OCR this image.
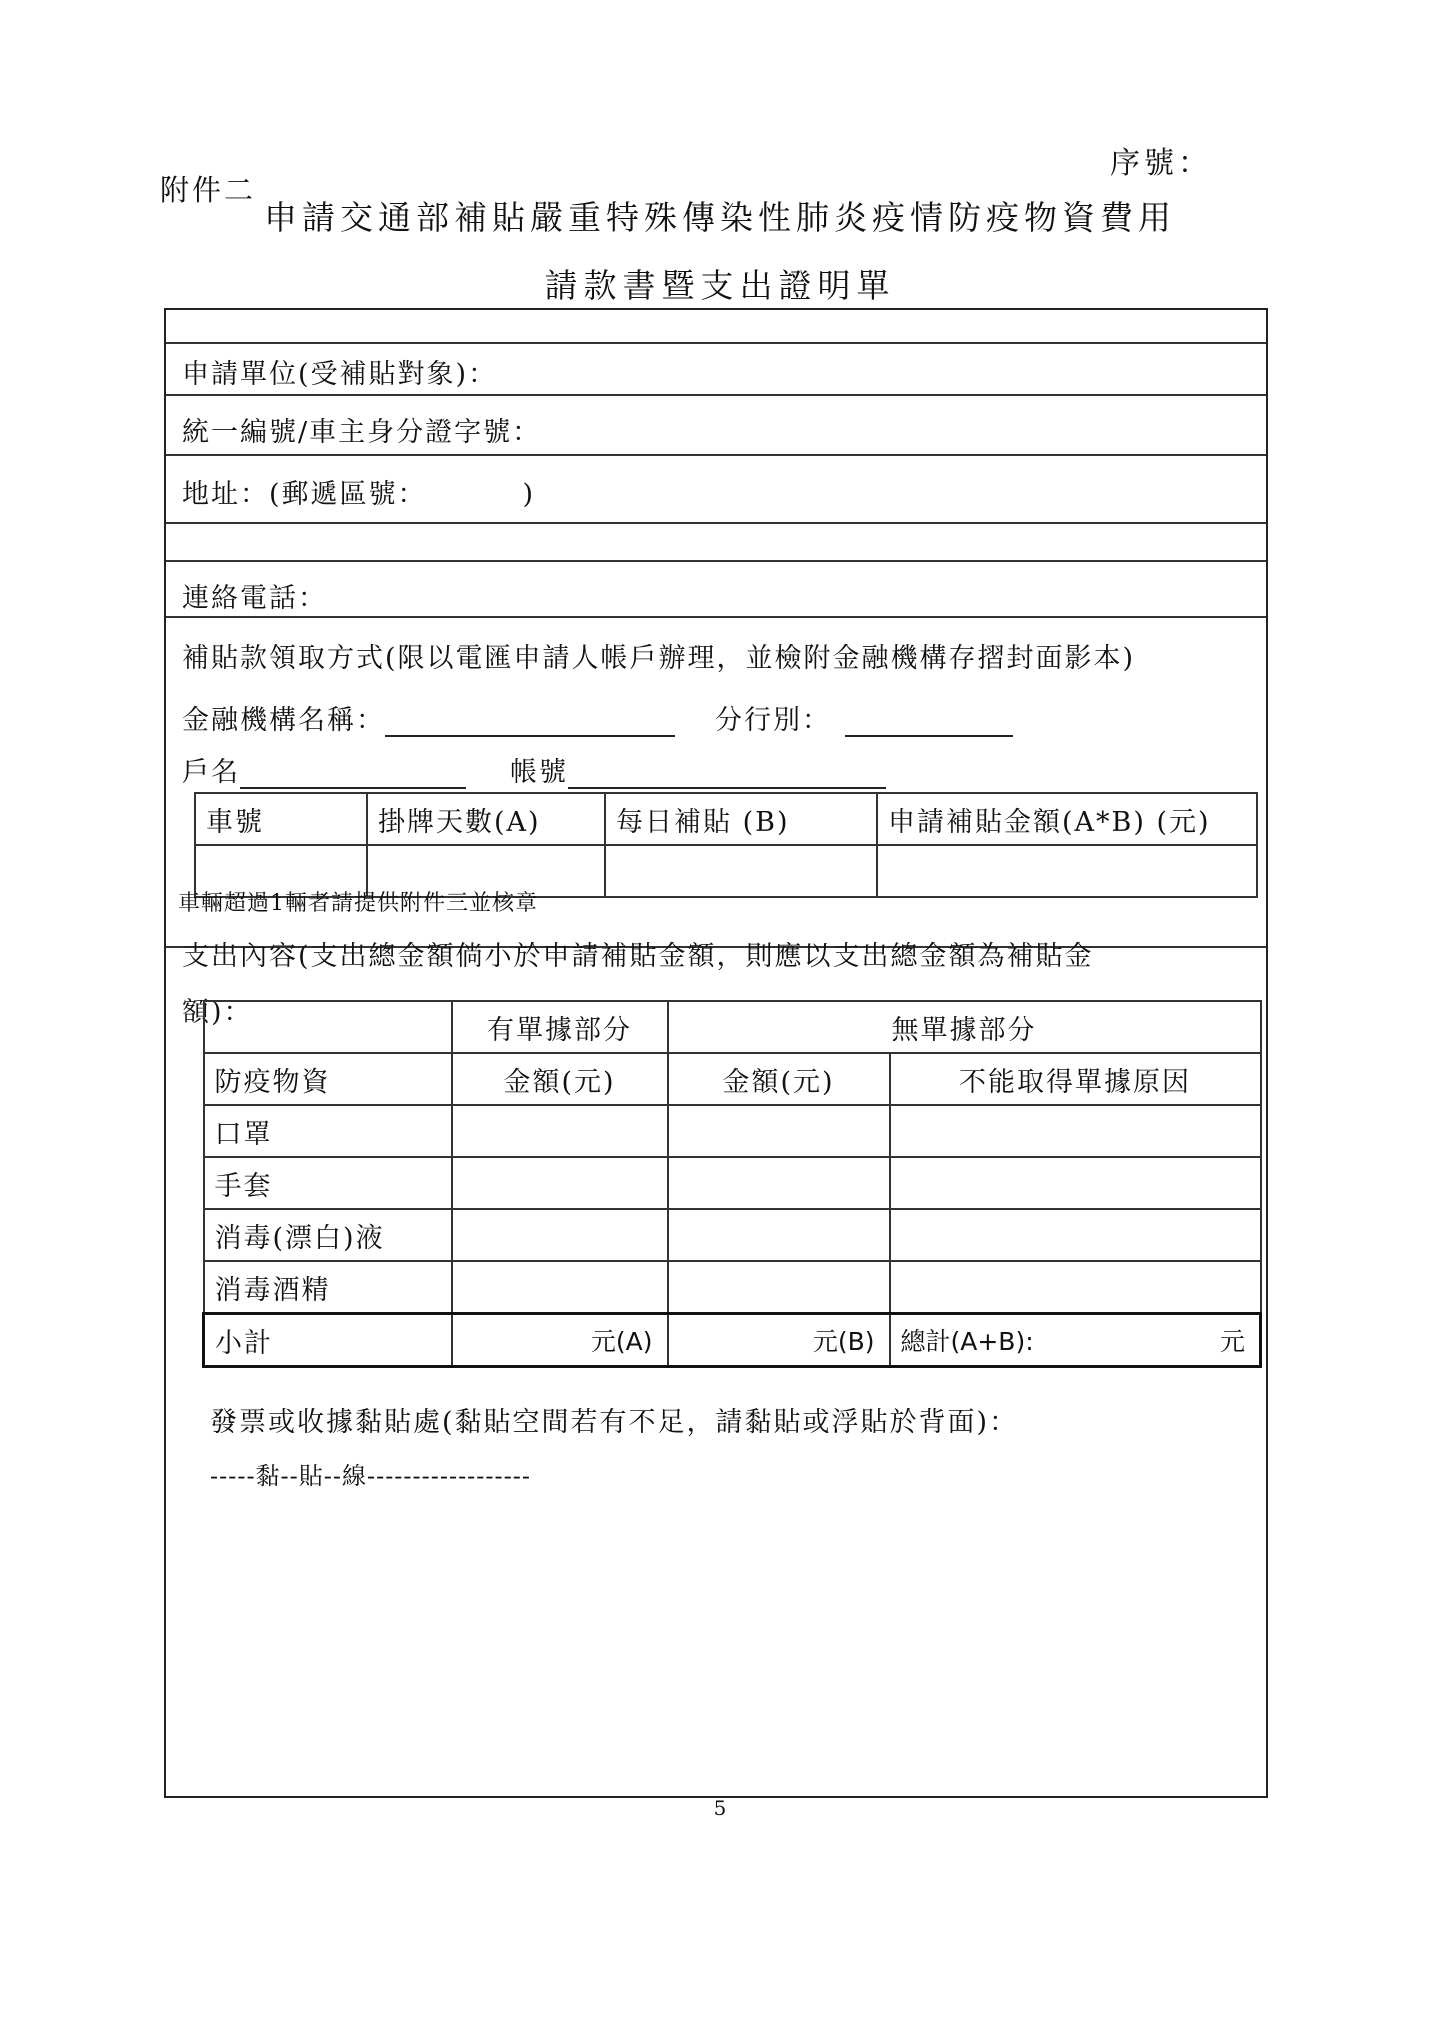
序號：
附件二
申請交通部補貼嚴重特殊傳染性肺炎疫情防疫物資費用
請款書暨支出證明單
申請單位(受補貼對象)：
統一編號/車主身分證字號：
地址：(郵遞區號：	)
連絡電話：
補貼款領取方式(限以電匯申請人帳戶辦理，並檢附金融機構存摺封面影本)
金融機構名稱：	分行別：
戶名	帳號
車號	掛牌天數(A)	每日補貼 (B)	申請補貼金額(A*B) (元)

車輛超過1輛者請提供附件三並核章
支出內容(支出總金額倘小於申請補貼金額，則應以支出總金額為補貼金
額)：
	有單據部分	無單據部分	
防疫物資	金額(元)	金額(元)	不能取得單據原因
口罩			
手套			
消毒(漂白)液			
消毒酒精			
小計	元(A)	元(B)	總計(A+B): 元
發票或收據黏貼處(黏貼空間若有不足，請黏貼或浮貼於背面)：
-----黏--貼--線------------------
5
